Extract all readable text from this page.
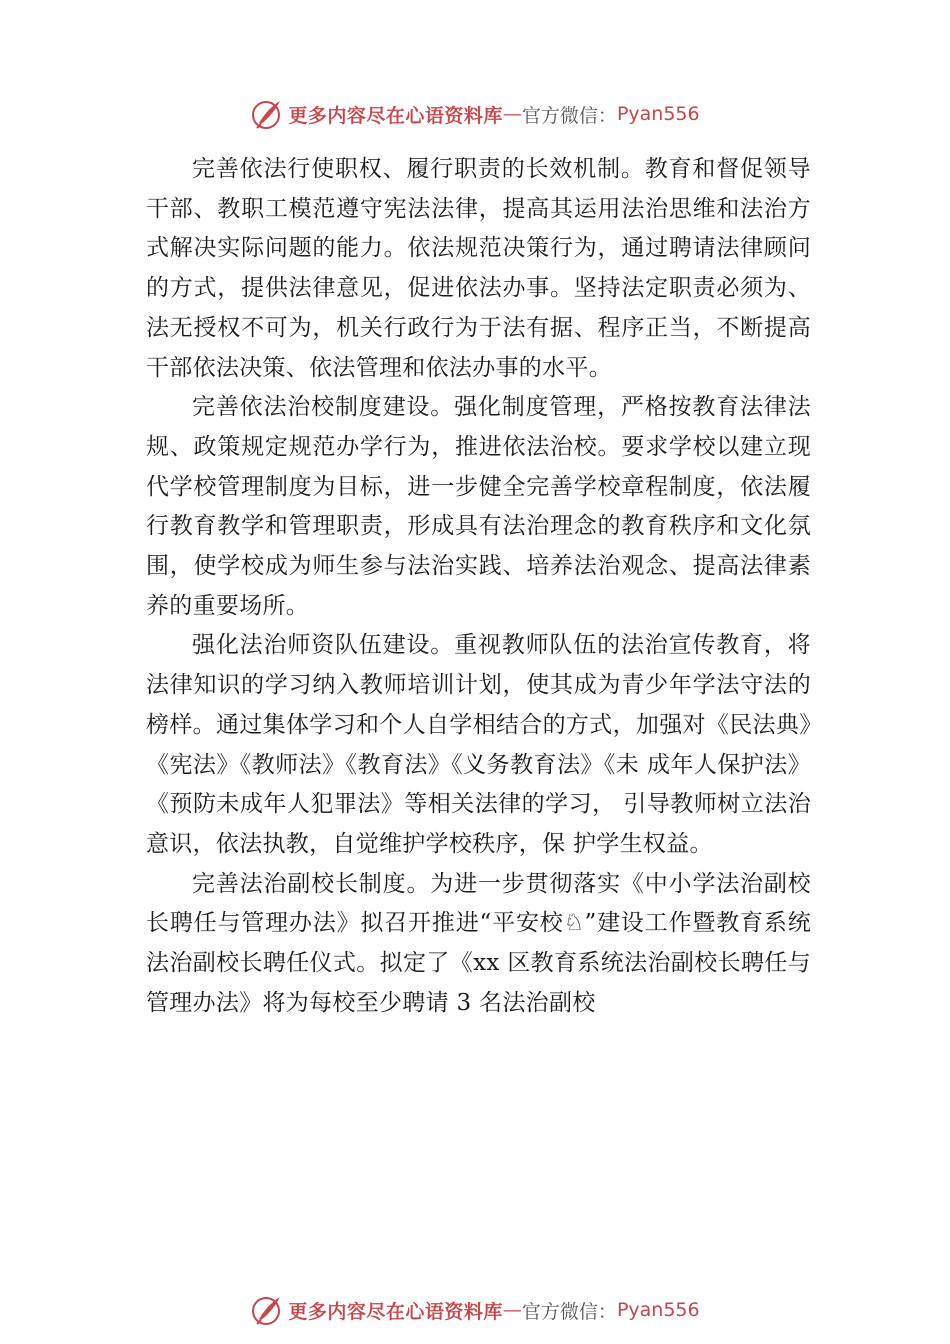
更多内容尽在心语资料库 — 官方微信： Pyan556

完善依法行使职权、履行职责的长效机制。教育和督促领导干部、教职工模范遵守宪法法律，提高其运用法治思维和法治方式解决实际问题的能力。依法规范决策行为，通过聘请法律顾问的方式，提供法律意见，促进依法办事。坚持法定职责必须为、法无授权不可为，机关行政行为于法有据、程序正当，不断提高干部依法决策、依法管理和依法办事的水平。

完善依法治校制度建设。强化制度管理，严格按教育法律法规、政策规定规范办学行为，推进依法治校。要求学校以建立现代学校管理制度为目标，进一步健全完善学校章程制度，依法履行教育教学和管理职责，形成具有法治理念的教育秩序和文化氛围，使学校成为师生参与法治实践、培养法治观念、提高法律素养的重要场所。

强化法治师资队伍建设。重视教师队伍的法治宣传教育，将法律知识的学习纳入教师培训计划，使其成为青少年学法守法的榜样。通过集体学习和个人自学相结合的方式，加强对《民法典》《宪法》《教师法》《教育法》《义务教育法》《未 成年人保护法》《预防未成年人犯罪法》等相关法律的学习， 引导教师树立法治意识，依法执教，自觉维护学校秩序，保 护学生权益。

完善法治副校长制度。为进一步贯彻落实《中小学法治副校长聘任与管理办法》拟召开推进“平安校♘”建设工作暨教育系统法治副校长聘任仪式。拟定了《xx 区教育系统法治副校长聘任与管理办法》将为每校至少聘请 3 名法治副校

更多内容尽在心语资料库 — 官方微信： Pyan556
